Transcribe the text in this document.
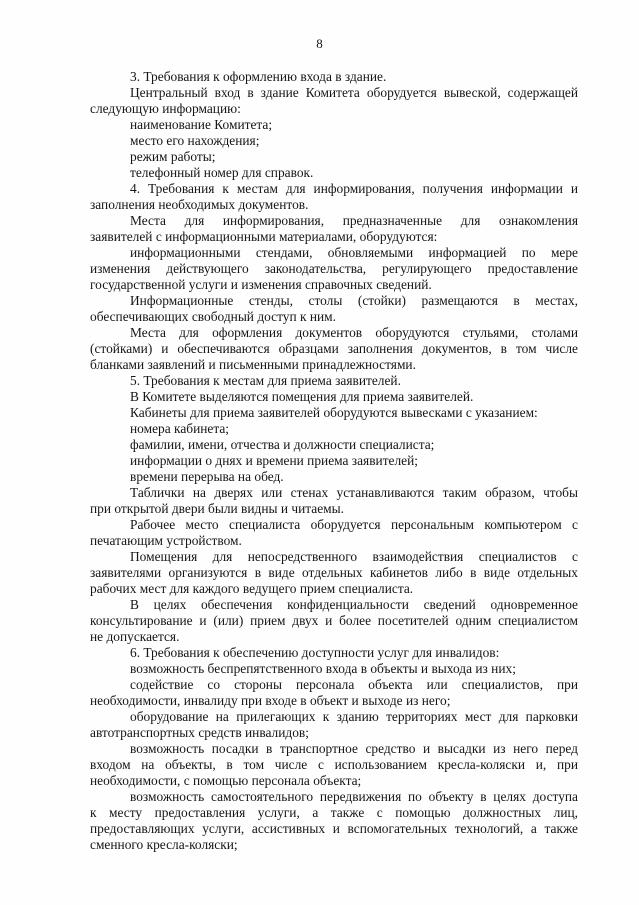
8
3. Требования к оформлению входа в здание.
Центральный вход в здание Комитета оборудуется вывеской, содержащей
следующую информацию:
наименование Комитета;
место его нахождения;
режим работы;
телефонный номер для справок.
4. Требования к местам для информирования, получения информации и
заполнения необходимых документов.
Места для информирования, предназначенные для ознакомления
заявителей с информационными материалами, оборудуются:
информационными стендами, обновляемыми информацией по мере
изменения действующего законодательства, регулирующего предоставление
государственной услуги и изменения справочных сведений.
Информационные стенды, столы (стойки) размещаются в местах,
обеспечивающих свободный доступ к ним.
Места для оформления документов оборудуются стульями, столами
(стойками) и обеспечиваются образцами заполнения документов, в том числе
бланками заявлений и письменными принадлежностями.
5. Требования к местам для приема заявителей.
В Комитете выделяются помещения для приема заявителей.
Кабинеты для приема заявителей оборудуются вывесками с указанием:
номера кабинета;
фамилии, имени, отчества и должности специалиста;
информации о днях и времени приема заявителей;
времени перерыва на обед.
Таблички на дверях или стенах устанавливаются таким образом, чтобы
при открытой двери были видны и читаемы.
Рабочее место специалиста оборудуется персональным компьютером с
печатающим устройством.
Помещения для непосредственного взаимодействия специалистов с
заявителями организуются в виде отдельных кабинетов либо в виде отдельных
рабочих мест для каждого ведущего прием специалиста.
В целях обеспечения конфиденциальности сведений одновременное
консультирование и (или) прием двух и более посетителей одним специалистом
не допускается.
6. Требования к обеспечению доступности услуг для инвалидов:
возможность беспрепятственного входа в объекты и выхода из них;
содействие со стороны персонала объекта или специалистов, при
необходимости, инвалиду при входе в объект и выходе из него;
оборудование на прилегающих к зданию территориях мест для парковки
автотранспортных средств инвалидов;
возможность посадки в транспортное средство и высадки из него перед
входом на объекты, в том числе с использованием кресла-коляски и, при
необходимости, с помощью персонала объекта;
возможность самостоятельного передвижения по объекту в целях доступа
к месту предоставления услуги, а также с помощью должностных лиц,
предоставляющих услуги, ассистивных и вспомогательных технологий, а также
сменного кресла-коляски;
